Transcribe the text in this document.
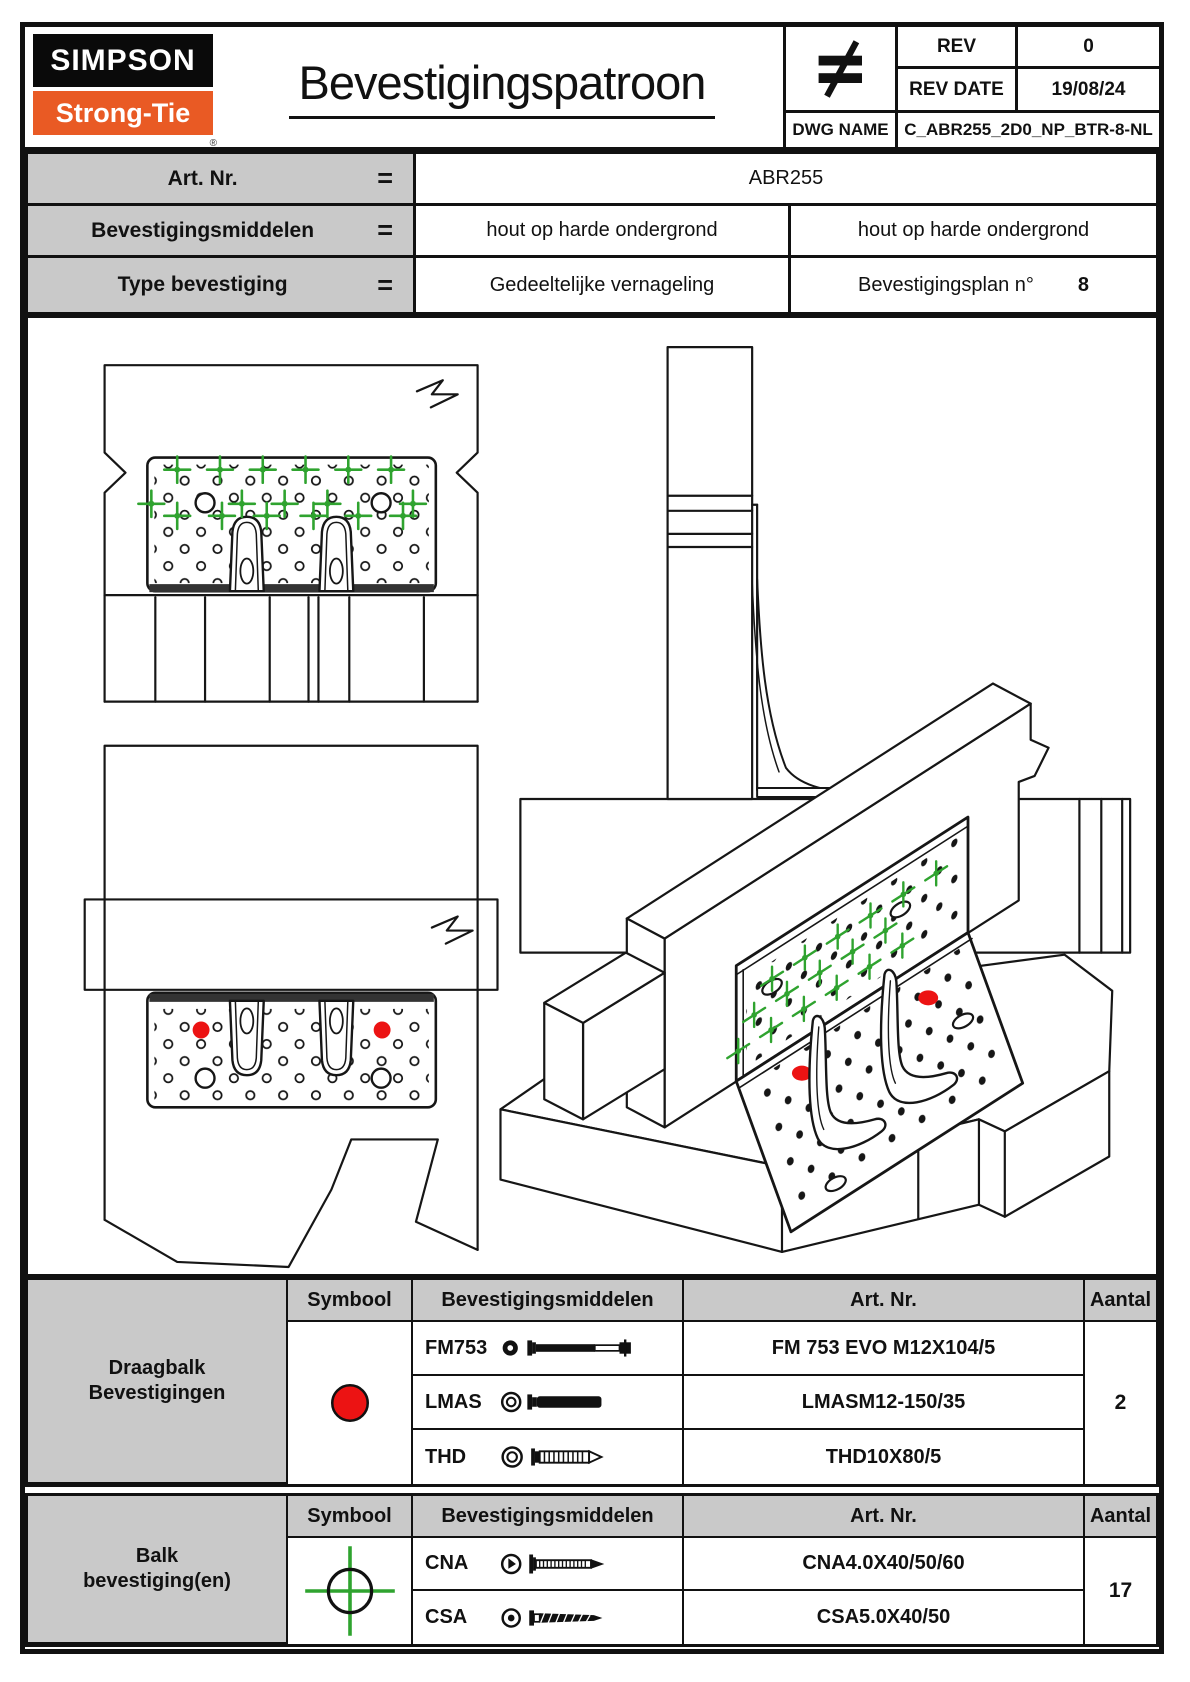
SIMPSON
Strong-Tie
®
Bevestigingspatroon
REV	0
REV DATE	19/08/24
DWG NAME C_ABR255_2D0_NP_BTR-8-NL
Art. Nr.	=	ABR255
Bevestigingsmiddelen	=	hout op harde ondergrond	hout op harde ondergrond
Type bevestiging	=	Gedeeltelijke vernageling	Bevestigingsplan n° 8
Draagbalk
Bevestigingen
Symbool	Bevestigingsmiddelen	Art. Nr.	Aantal
FM753	FM 753 EVO M12X104/5
2
LMAS	LMASM12-150/35
THD	THD10X80/5
Balk
bevestiging(en)
Symbool	Bevestigingsmiddelen	Art. Nr.	Aantal
CNA	CNA4.0X40/50/60
17
CSA	CSA5.0X40/50
